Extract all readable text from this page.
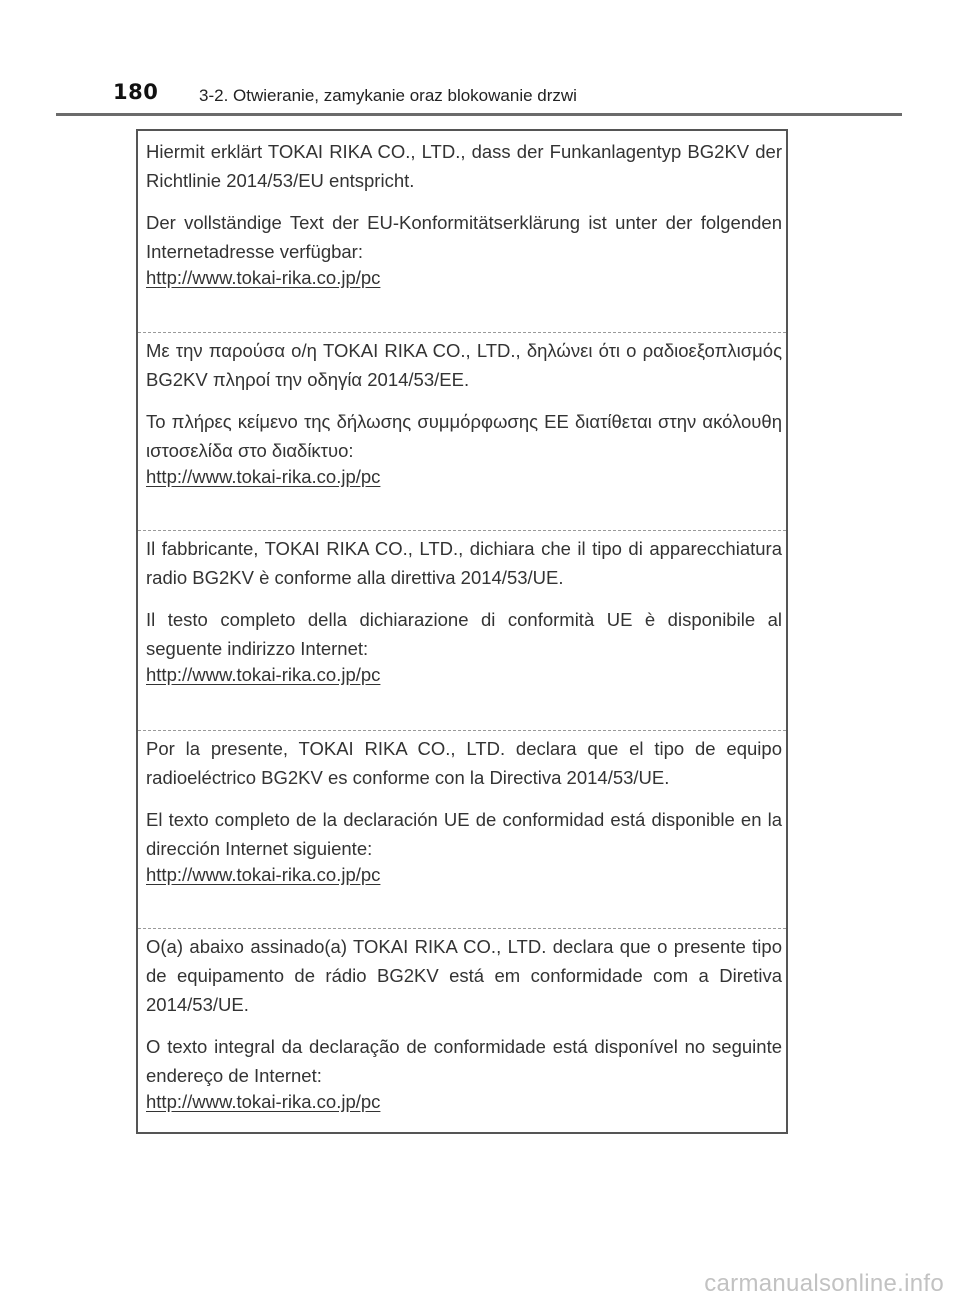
180 3-2. Otwieranie, zamykanie oraz blokowanie drzwi

Hiermit erklärt TOKAI RIKA CO., LTD., dass der Funkanlagentyp BG2KV der Richtlinie 2014/53/EU entspricht.

Der vollständige Text der EU-Konformitätserklärung ist unter der folgenden Internetadresse verfügbar:

http://www.tokai-rika.co.jp/pc

Με την παρούσα ο/η TOKAI RIKA CO., LTD., δηλώνει ότι ο ραδιοεξοπλισμός BG2KV πληροί την οδηγία 2014/53/ΕΕ.

Το πλήρες κείμενο της δήλωσης συμμόρφωσης ΕΕ διατίθεται στην ακόλουθη ιστοσελίδα στο διαδίκτυο:

http://www.tokai-rika.co.jp/pc

Il fabbricante, TOKAI RIKA CO., LTD., dichiara che il tipo di apparecchiatura radio BG2KV è conforme alla direttiva 2014/53/UE.

Il testo completo della dichiarazione di conformità UE è disponibile al seguente indirizzo Internet:

http://www.tokai-rika.co.jp/pc

Por la presente, TOKAI RIKA CO., LTD. declara que el tipo de equipo radioeléctrico BG2KV es conforme con la Directiva 2014/53/UE.

El texto completo de la declaración UE de conformidad está disponible en la dirección Internet siguiente:

http://www.tokai-rika.co.jp/pc

O(a) abaixo assinado(a) TOKAI RIKA CO., LTD. declara que o presente tipo de equipamento de rádio BG2KV está em conformidade com a Diretiva 2014/53/UE.

O texto integral da declaração de conformidade está disponível no seguinte endereço de Internet:

http://www.tokai-rika.co.jp/pc
carmanualsonline.info
